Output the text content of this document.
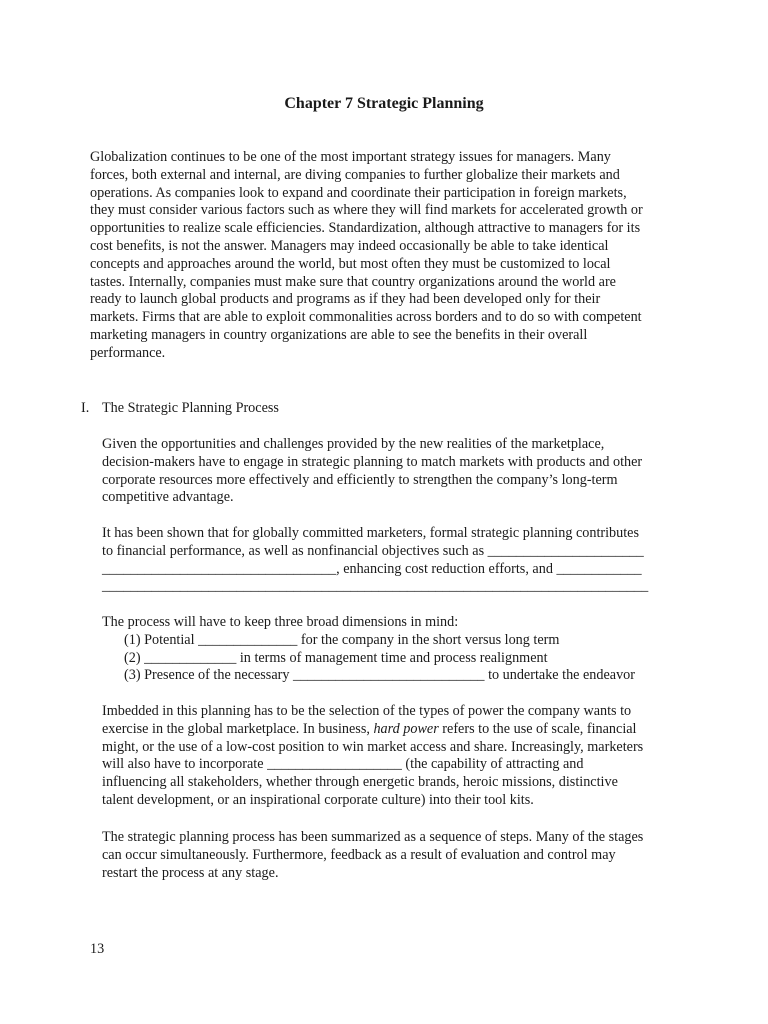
Chapter 7 Strategic Planning

Globalization continues to be one of the most important strategy issues for managers. Many
forces, both external and internal, are diving companies to further globalize their markets and
operations. As companies look to expand and coordinate their participation in foreign markets,
they must consider various factors such as where they will find markets for accelerated growth or
opportunities to realize scale efficiencies. Standardization, although attractive to managers for its
cost benefits, is not the answer. Managers may indeed occasionally be able to take identical
concepts and approaches around the world, but most often they must be customized to local
tastes. Internally, companies must make sure that country organizations around the world are
ready to launch global products and programs as if they had been developed only for their
markets. Firms that are able to exploit commonalities across borders and to do so with competent
marketing managers in country organizations are able to see the benefits in their overall
performance.

I. The Strategic Planning Process

Given the opportunities and challenges provided by the new realities of the marketplace,
decision-makers have to engage in strategic planning to match markets with products and other
corporate resources more effectively and efficiently to strengthen the company’s long-term
competitive advantage.

It has been shown that for globally committed marketers, formal strategic planning contributes
to financial performance, as well as nonfinancial objectives such as ______________________
_________________________________, enhancing cost reduction efforts, and ____________
_____________________________________________________________________________

The process will have to keep three broad dimensions in mind:
(1) Potential ______________ for the company in the short versus long term
(2) _____________ in terms of management time and process realignment
(3) Presence of the necessary ___________________________ to undertake the endeavor

Imbedded in this planning has to be the selection of the types of power the company wants to
exercise in the global marketplace. In business, hard power refers to the use of scale, financial
might, or the use of a low-cost position to win market access and share. Increasingly, marketers
will also have to incorporate ___________________ (the capability of attracting and
influencing all stakeholders, whether through energetic brands, heroic missions, distinctive
talent development, or an inspirational corporate culture) into their tool kits.

The strategic planning process has been summarized as a sequence of steps. Many of the stages
can occur simultaneously. Furthermore, feedback as a result of evaluation and control may
restart the process at any stage.

13
